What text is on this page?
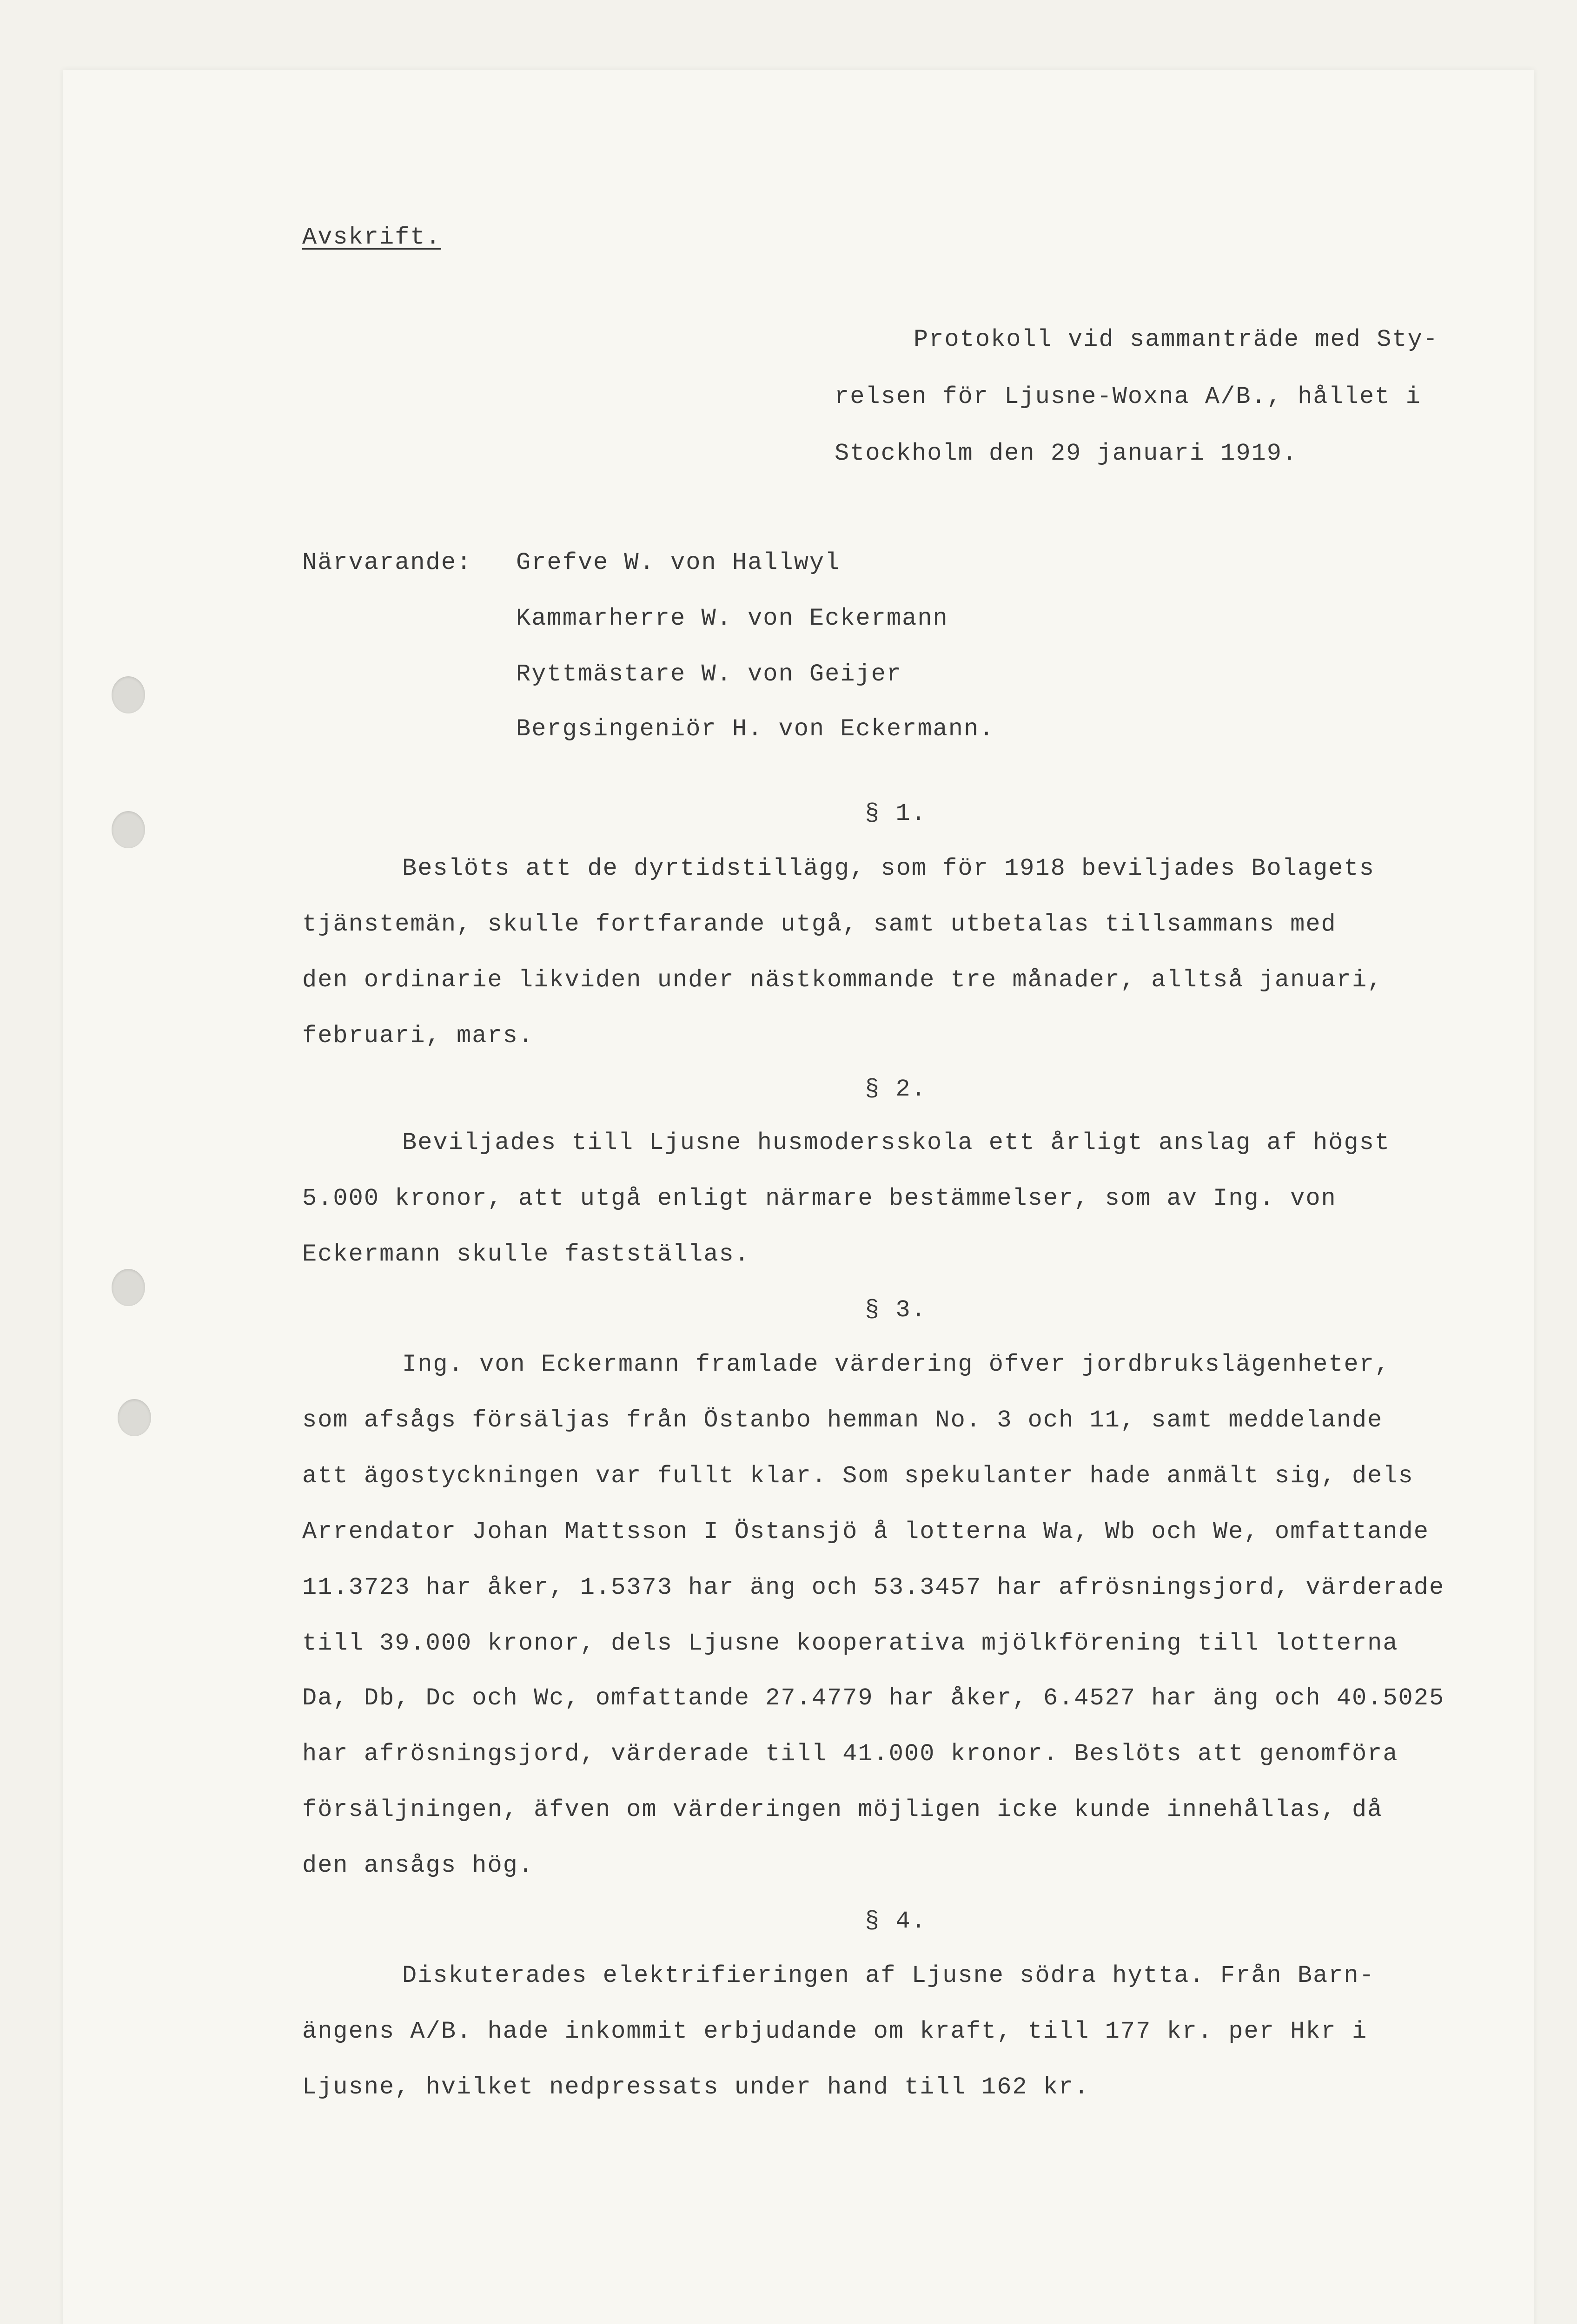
Avskrift.
Protokoll vid sammanträde med Sty-
relsen för Ljusne-Woxna A/B., hållet i
Stockholm den 29 januari 1919.
Närvarande: Grefve W. von Hallwyl
Kammarherre W. von Eckermann
Ryttmästare W. von Geijer
Bergsingeniör H. von Eckermann.
§ 1.
Beslöts att de dyrtidstillägg, som för 1918 beviljades Bolagets
tjänstemän, skulle fortfarande utgå, samt utbetalas tillsammans med
den ordinarie likviden under nästkommande tre månader, alltså januari,
februari, mars.
§ 2.
Beviljades till Ljusne husmodersskola ett årligt anslag af högst
5.000 kronor, att utgå enligt närmare bestämmelser, som av Ing. von
Eckermann skulle fastställas.
§ 3.
Ing. von Eckermann framlade värdering öfver jordbrukslägenheter,
som afsågs försäljas från Östanbo hemman No. 3 och 11, samt meddelande
att ägostyckningen var fullt klar. Som spekulanter hade anmält sig, dels
Arrendator Johan Mattsson I Östansjö å lotterna Wa, Wb och We, omfattande
11.3723 har åker, 1.5373 har äng och 53.3457 har afrösningsjord, värderade
till 39.000 kronor, dels Ljusne kooperativa mjölkförening till lotterna
Da, Db, Dc och Wc, omfattande 27.4779 har åker, 6.4527 har äng och 40.5025
har afrösningsjord, värderade till 41.000 kronor. Beslöts att genomföra
försäljningen, äfven om värderingen möjligen icke kunde innehållas, då
den ansågs hög.
§ 4.
Diskuterades elektrifieringen af Ljusne södra hytta. Från Barn-
ängens A/B. hade inkommit erbjudande om kraft, till 177 kr. per Hkr i
Ljusne, hvilket nedpressats under hand till 162 kr.
